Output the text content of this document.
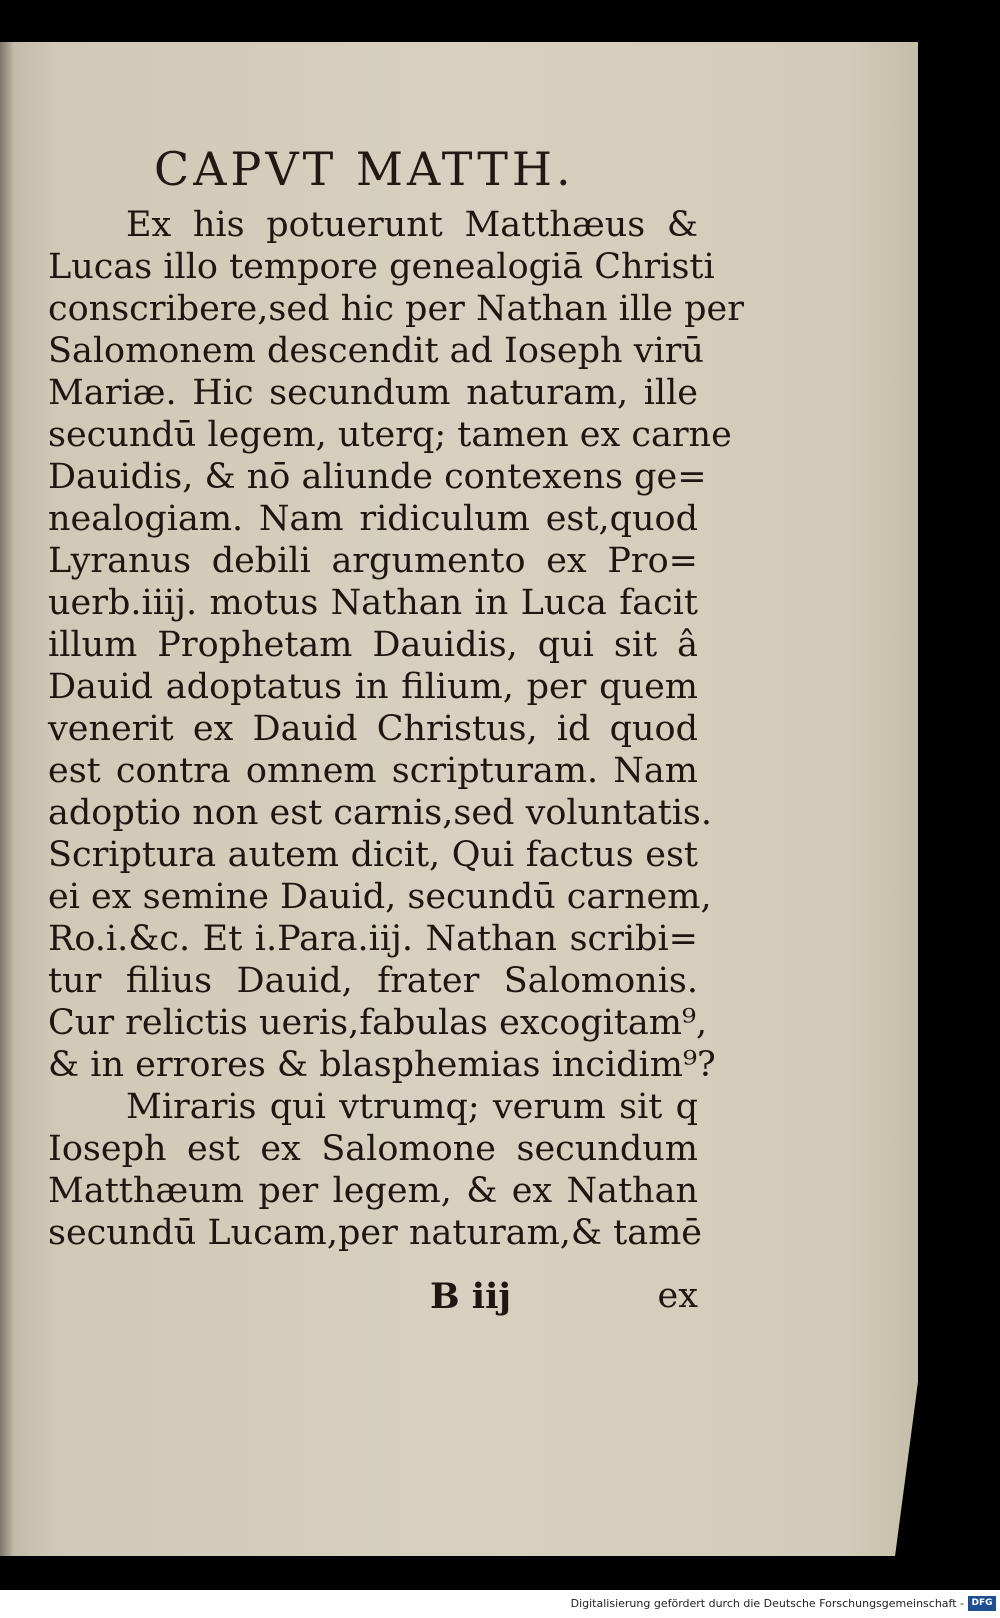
CAPVT MATTH.
Ex his potuerunt Matthæus &
Lucas illo tempore genealogiā Christi
conscribere,sed hic per Nathan ille per
Salomonem descendit ad Ioseph virū
Mariæ. Hic secundum naturam, ille
secundū legem, uterq; tamen ex carne
Dauidis, & nō aliunde contexens ge=
nealogiam. Nam ridiculum est,quod
Lyranus debili argumento ex Pro=
uerb.iiij. motus Nathan in Luca facit
illum Prophetam Dauidis, qui sit â
Dauid adoptatus in filium, per quem
venerit ex Dauid Christus, id quod
est contra omnem scripturam. Nam
adoptio non est carnis,sed voluntatis.
Scriptura autem dicit, Qui factus est
ei ex semine Dauid, secundū carnem,
Ro.i.&c. Et i.Para.iij. Nathan scribi=
tur filius Dauid, frater Salomonis.
Cur relictis ueris,fabulas excogitam⁹,
& in errores & blasphemias incidim⁹?
Miraris qui vtrumq; verum sit q
Ioseph est ex Salomone secundum
Matthæum per legem, & ex Nathan
secundū Lucam,per naturam,& tamē
B iij	ex
Digitalisierung gefördert durch die Deutsche Forschungsgemeinschaft - DFG
